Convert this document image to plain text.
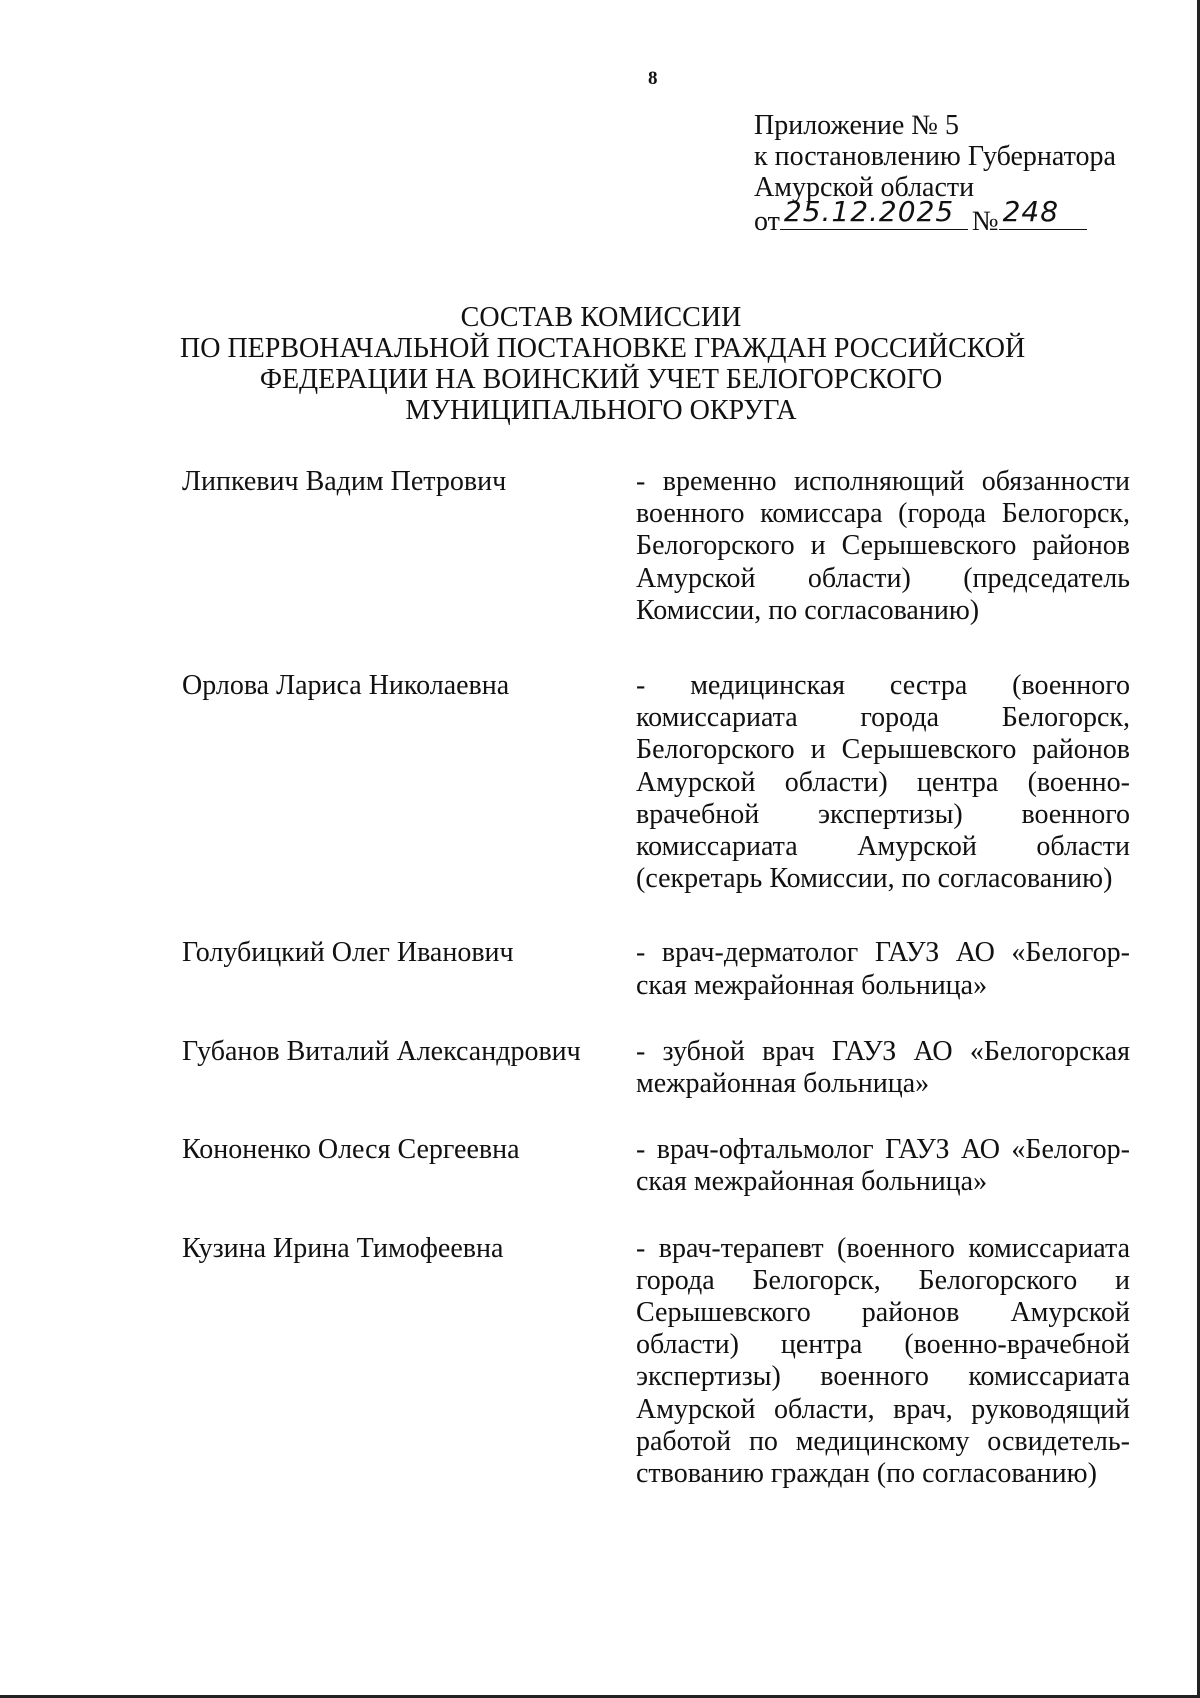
8
Приложение № 5
к постановлению Губернатора
Амурской области
от 25.12.2025 № 248
СОСТАВ КОМИССИИ
ПО ПЕРВОНАЧАЛЬНОЙ ПОСТАНОВКЕ ГРАЖДАН РОССИЙСКОЙ
ФЕДЕРАЦИИ НА ВОИНСКИЙ УЧЕТ БЕЛОГОРСКОГО
МУНИЦИПАЛЬНОГО ОКРУГА
Липкевич Вадим Петрович	- временно исполняющий обязанности военного комиссара (города Белогорск, Белогорского и Серышевского районов Амурской области) (председатель Комиссии, по согласованию)
Орлова Лариса Николаевна	- медицинская сестра (военного комиссариата города Белогорск, Белогорского и Серышевского районов Амурской области) центра (военно-врачебной экспертизы) военного комиссариата Амурской области (секретарь Комиссии, по согласованию)
Голубицкий Олег Иванович	- врач-дерматолог ГАУЗ АО «Белогорская межрайонная больница»
Губанов Виталий Александрович	- зубной врач ГАУЗ АО «Белогорская межрайонная больница»
Кононенко Олеся Сергеевна	- врач-офтальмолог ГАУЗ АО «Белогорская межрайонная больница»
Кузина Ирина Тимофеевна	- врач-терапевт (военного комиссариата города Белогорск, Белогорского и Серышевского районов Амурской области) центра (военно-врачебной экспертизы) военного комиссариата Амурской области, врач, руководящий работой по медицинскому освидетельствованию граждан (по согласованию)
